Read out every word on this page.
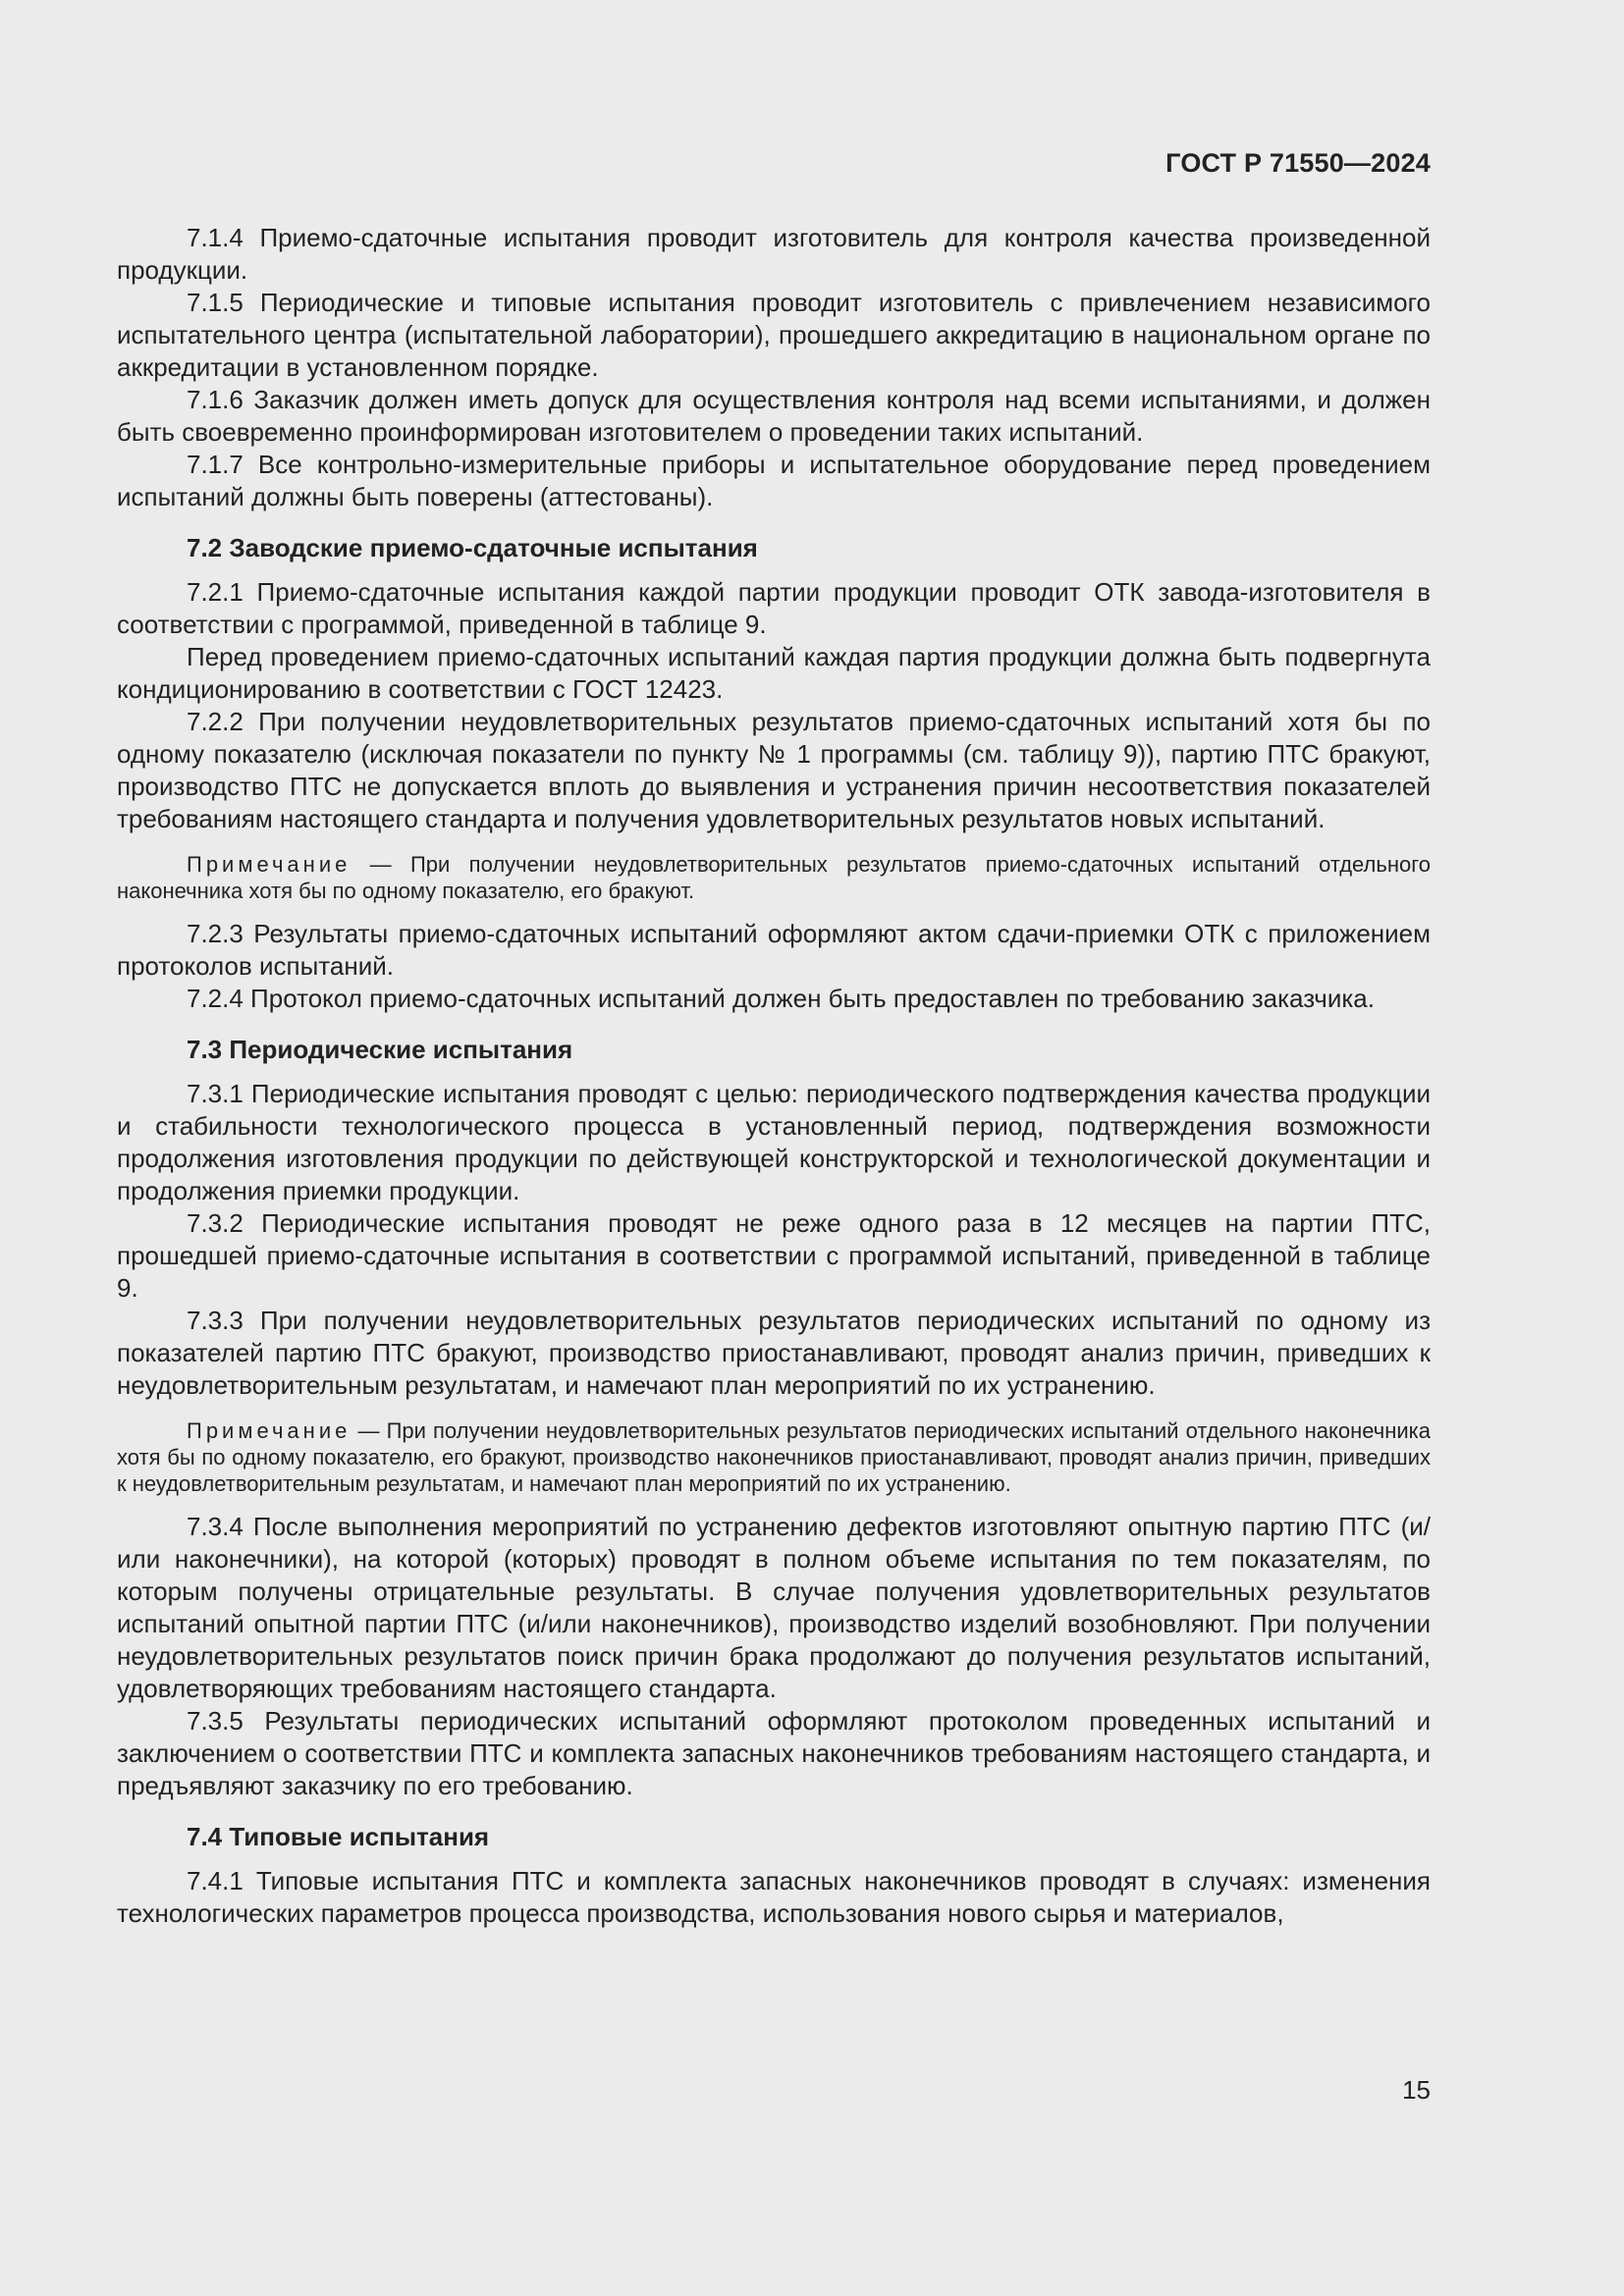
ГОСТ Р 71550—2024

7.1.4 Приемо-сдаточные испытания проводит изготовитель для контроля качества произведенной продукции.

7.1.5 Периодические и типовые испытания проводит изготовитель с привлечением независимого испытательного центра (испытательной лаборатории), прошедшего аккредитацию в национальном органе по аккредитации в установленном порядке.

7.1.6 Заказчик должен иметь допуск для осуществления контроля над всеми испытаниями, и должен быть своевременно проинформирован изготовителем о проведении таких испытаний.

7.1.7 Все контрольно-измерительные приборы и испытательное оборудование перед проведением испытаний должны быть поверены (аттестованы).

7.2 Заводские приемо-сдаточные испытания

7.2.1 Приемо-сдаточные испытания каждой партии продукции проводит ОТК завода-изготовителя в соответствии с программой, приведенной в таблице 9.

Перед проведением приемо-сдаточных испытаний каждая партия продукции должна быть подвергнута кондиционированию в соответствии с ГОСТ 12423.

7.2.2 При получении неудовлетворительных результатов приемо-сдаточных испытаний хотя бы по одному показателю (исключая показатели по пункту № 1 программы (см. таблицу 9)), партию ПТС бракуют, производство ПТС не допускается вплоть до выявления и устранения причин несоответствия показателей требованиям настоящего стандарта и получения удовлетворительных результатов новых испытаний.

Примечание — При получении неудовлетворительных результатов приемо-сдаточных испытаний отдельного наконечника хотя бы по одному показателю, его бракуют.

7.2.3 Результаты приемо-сдаточных испытаний оформляют актом сдачи-приемки ОТК с приложением протоколов испытаний.

7.2.4 Протокол приемо-сдаточных испытаний должен быть предоставлен по требованию заказчика.

7.3 Периодические испытания

7.3.1 Периодические испытания проводят с целью: периодического подтверждения качества продукции и стабильности технологического процесса в установленный период, подтверждения возможности продолжения изготовления продукции по действующей конструкторской и технологической документации и продолжения приемки продукции.

7.3.2 Периодические испытания проводят не реже одного раза в 12 месяцев на партии ПТС, прошедшей приемо-сдаточные испытания в соответствии с программой испытаний, приведенной в таблице 9.

7.3.3 При получении неудовлетворительных результатов периодических испытаний по одному из показателей партию ПТС бракуют, производство приостанавливают, проводят анализ причин, приведших к неудовлетворительным результатам, и намечают план мероприятий по их устранению.

Примечание — При получении неудовлетворительных результатов периодических испытаний отдельного наконечника хотя бы по одному показателю, его бракуют, производство наконечников приостанавливают, проводят анализ причин, приведших к неудовлетворительным результатам, и намечают план мероприятий по их устранению.

7.3.4 После выполнения мероприятий по устранению дефектов изготовляют опытную партию ПТС (и/или наконечники), на которой (которых) проводят в полном объеме испытания по тем показателям, по которым получены отрицательные результаты. В случае получения удовлетворительных результатов испытаний опытной партии ПТС (и/или наконечников), производство изделий возобновляют. При получении неудовлетворительных результатов поиск причин брака продолжают до получения результатов испытаний, удовлетворяющих требованиям настоящего стандарта.

7.3.5 Результаты периодических испытаний оформляют протоколом проведенных испытаний и заключением о соответствии ПТС и комплекта запасных наконечников требованиям настоящего стандарта, и предъявляют заказчику по его требованию.

7.4 Типовые испытания

7.4.1 Типовые испытания ПТС и комплекта запасных наконечников проводят в случаях: изменения технологических параметров процесса производства, использования нового сырья и материалов,

15
